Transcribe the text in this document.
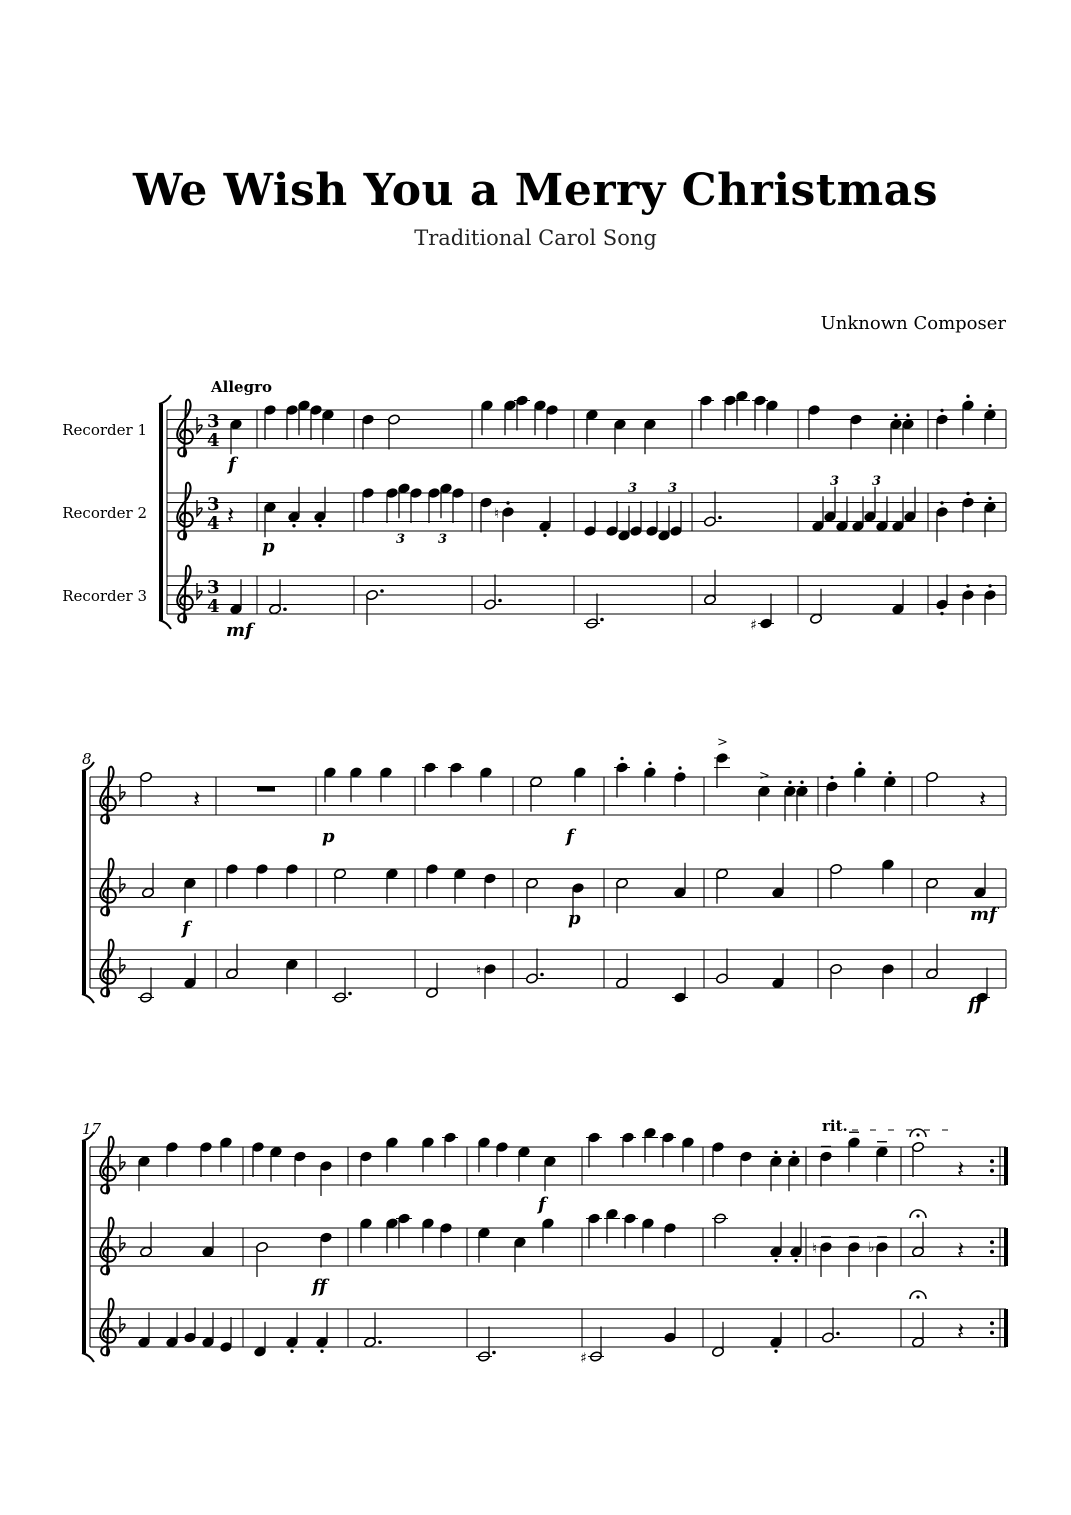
We Wish You a Merry Christmas
Traditional Carol Song
Unknown Composer
3
4
3
4
3
4
Allegro
f
𝄽
p	3	3
♮
3 3	3	3
mf	♯
8
𝄽
p	f
>
>
𝄽
f	p	mf
♮
ff
17	rit.
f
𝄽
ff
♮	♭	𝄽
♯
𝄽
Recorder 1
Recorder 2
Recorder 3
